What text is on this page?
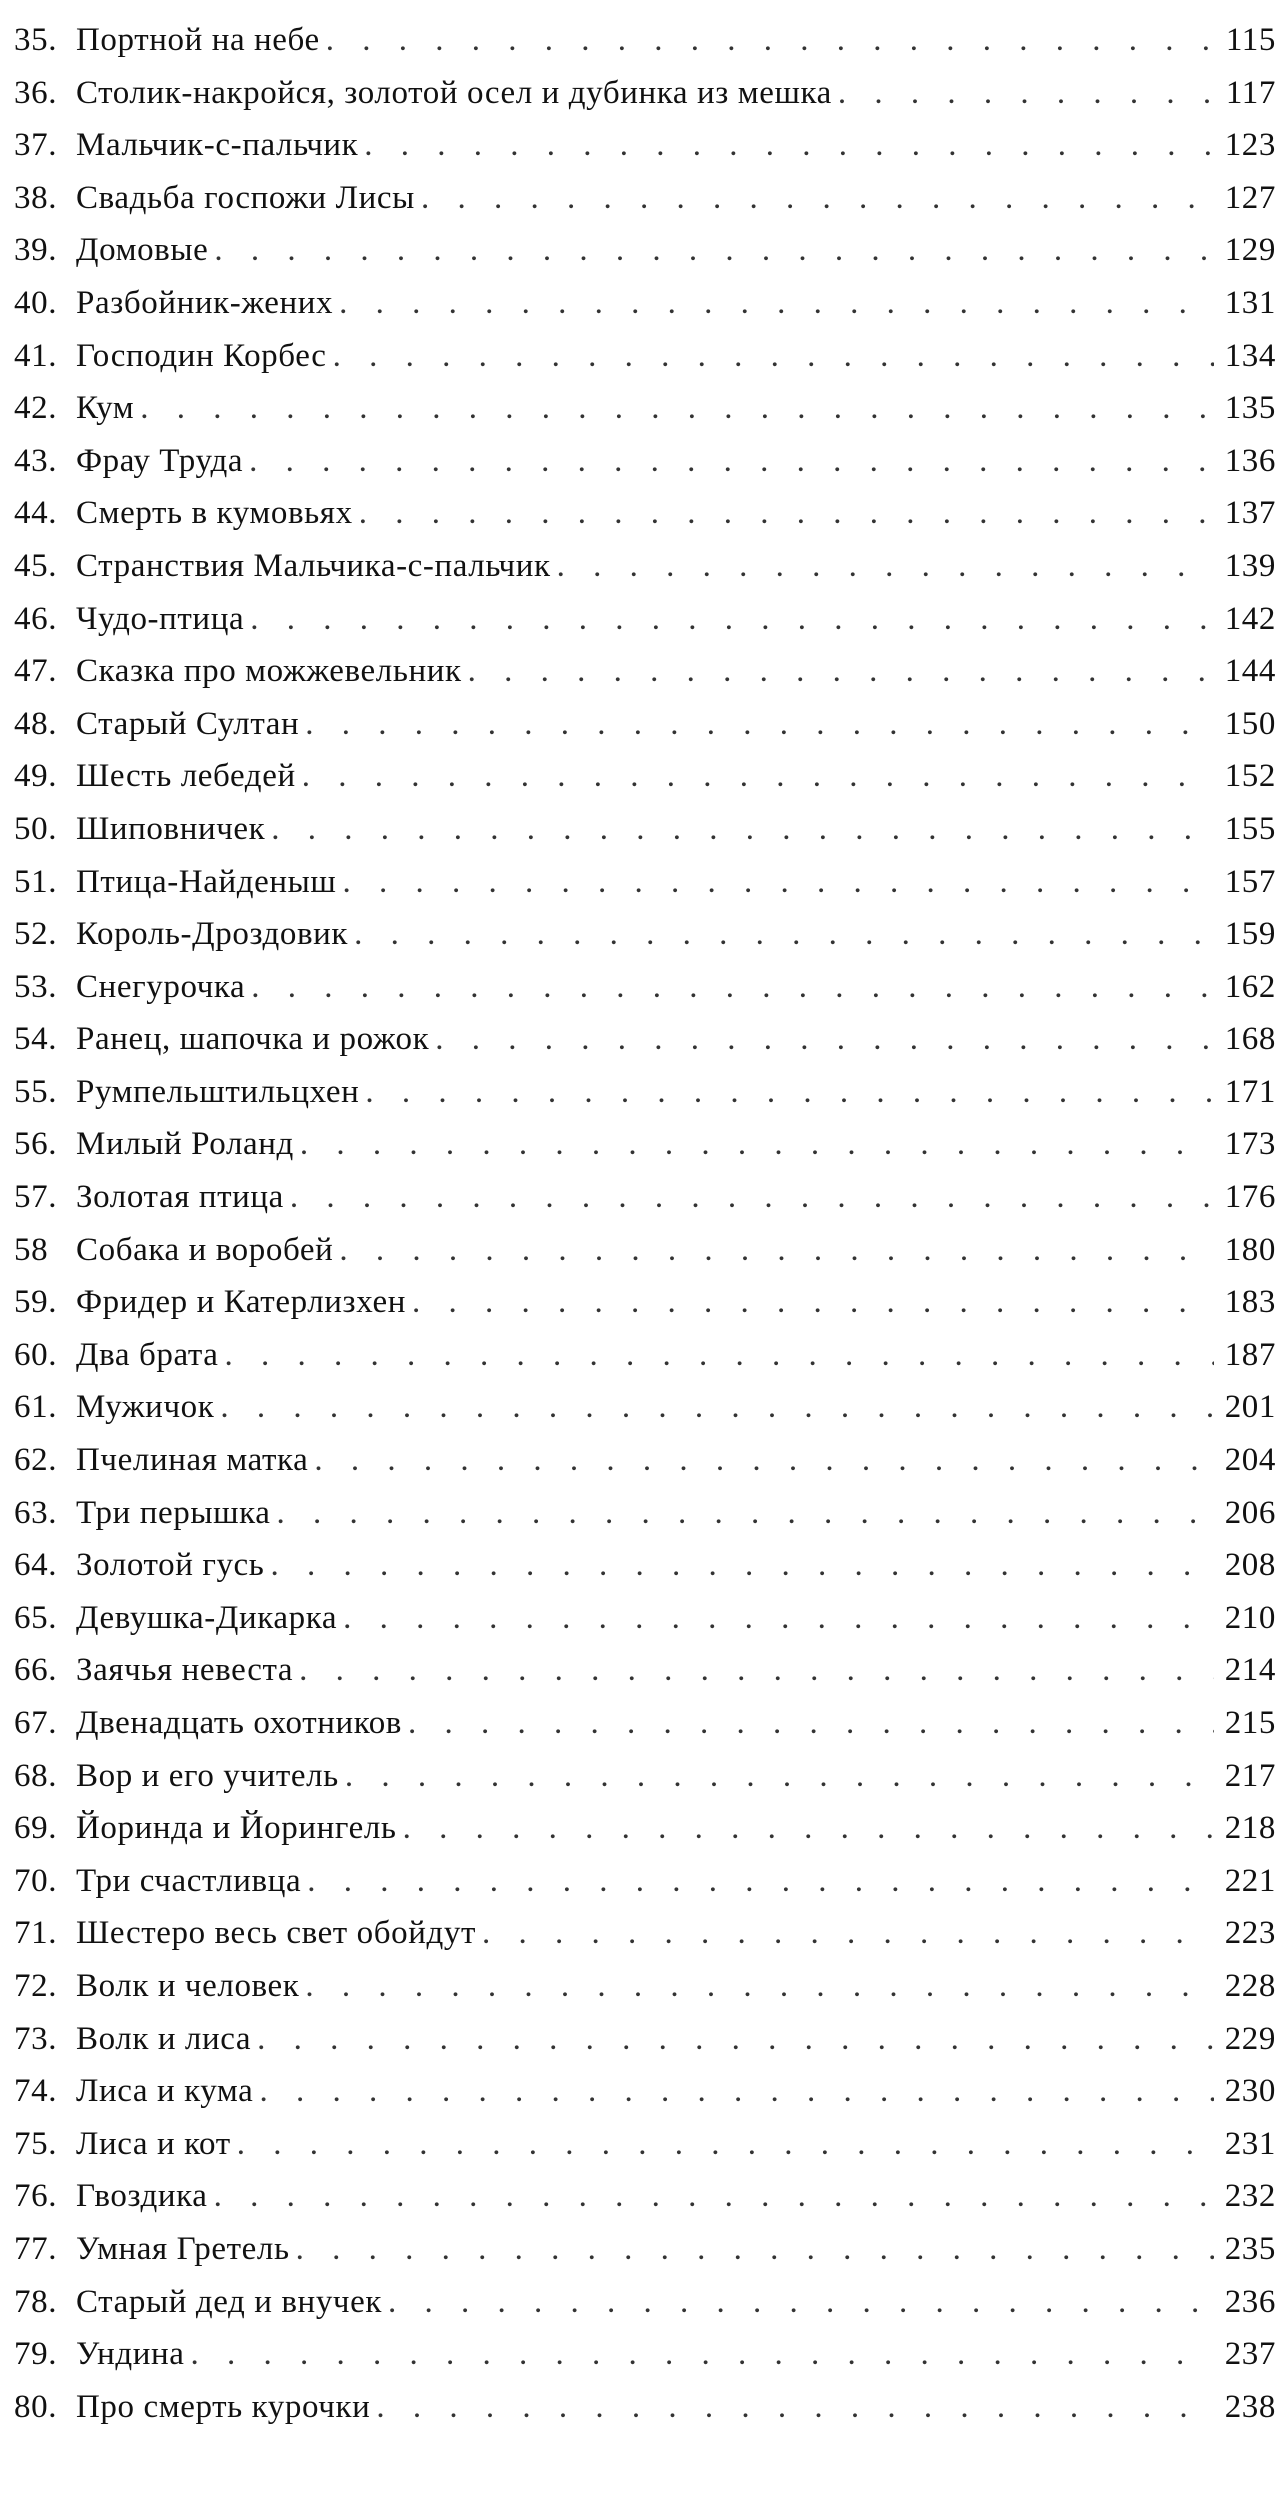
35. Портной на небе . . .	115
36. Столик-накройся, золотой осел и дубинка из мешка . . .	117
37. Мальчик-с-пальчик . . .	123
38. Свадьба госпожи Лисы . . .	127
39. Домовые . . .	129
40. Разбойник-жених . . .	131
41. Господин Корбес . . .	134
42. Кум . . .	135
43. Фрау Труда . . .	136
44. Смерть в кумовьях . . .	137
45. Странствия Мальчика-с-пальчик . . .	139
46. Чудо-птица . . .	142
47. Сказка про можжевельник . . .	144
48. Старый Султан . . .	150
49. Шесть лебедей . . .	152
50. Шиповничек . . .	155
51. Птица-Найденыш . . .	157
52. Король-Дроздовик . . .	159
53. Снегурочка . . .	162
54. Ранец, шапочка и рожок . . .	168
55. Румпельштильцхен . . .	171
56. Милый Роланд . . .	173
57. Золотая птица . . .	176
58 Собака и воробей . . .	180
59. Фридер и Катерлизхен . . .	183
60. Два брата . . .	187
61. Мужичок . . .	201
62. Пчелиная матка . . .	204
63. Три перышка . . .	206
64. Золотой гусь . . .	208
65. Девушка-Дикарка . . .	210
66. Заячья невеста . . .	214
67. Двенадцать охотников . . .	215
68. Вор и его учитель . . .	217
69. Йоринда и Йорингель . . .	218
70. Три счастливца . . .	221
71. Шестеро весь свет обойдут . . .	223
72. Волк и человек . . .	228
73. Волк и лиса . . .	229
74. Лиса и кума . . .	230
75. Лиса и кот . . .	231
76. Гвоздика . . .	232
77. Умная Гретель . . .	235
78. Старый дед и внучек . . .	236
79. Ундина . . .	237
80. Про смерть курочки . . .	238
